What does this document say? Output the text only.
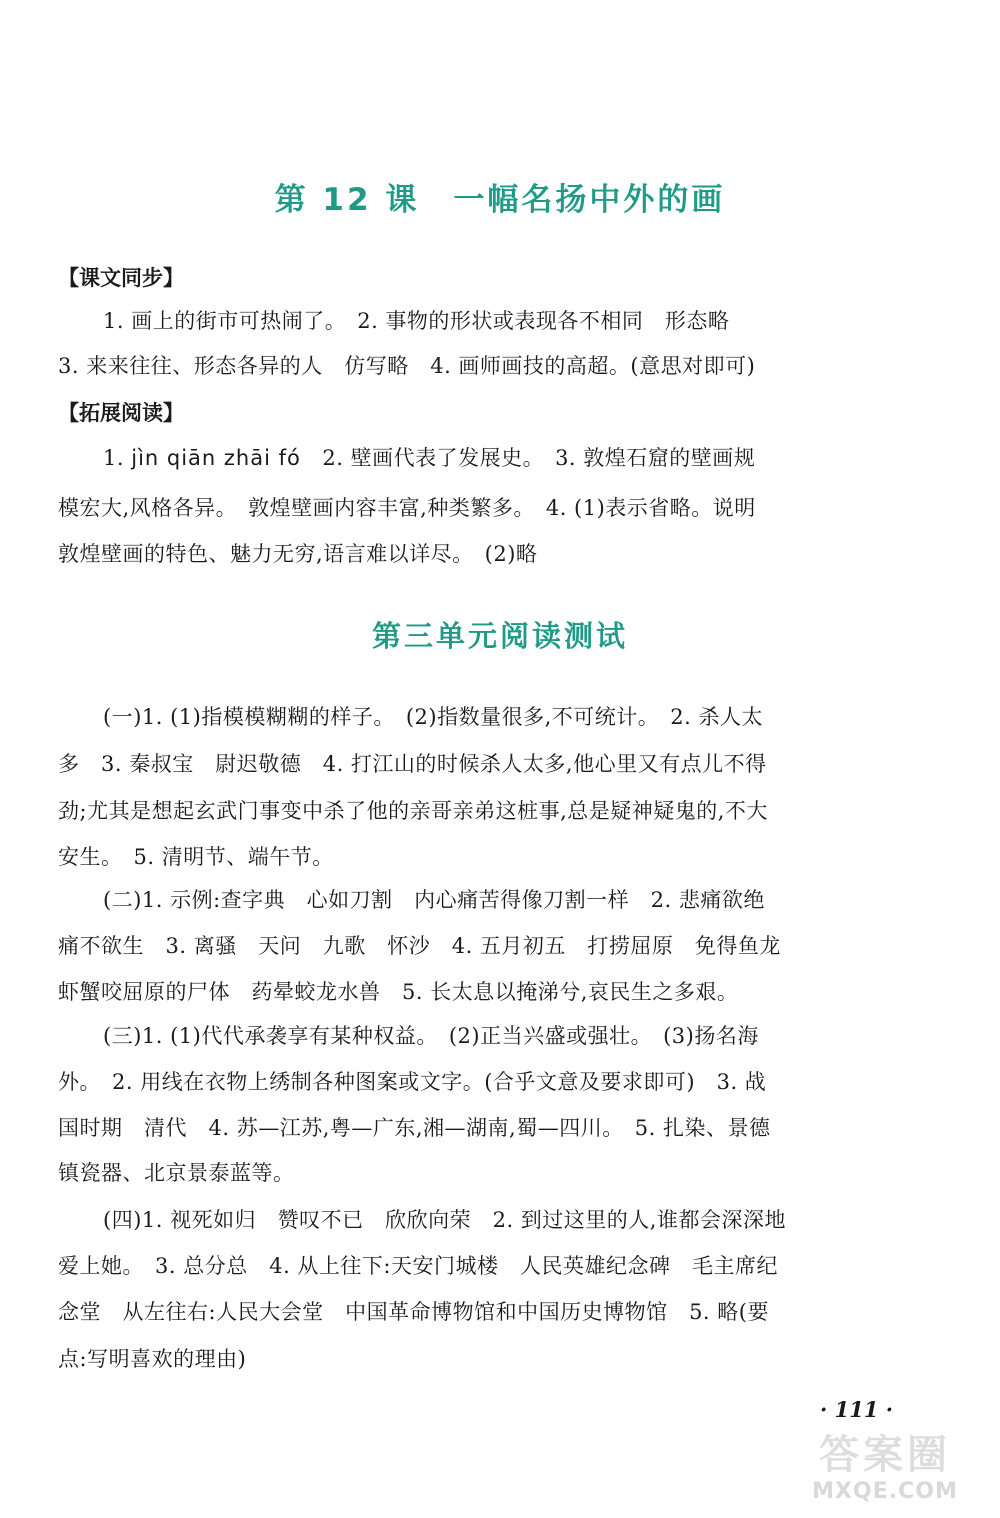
第 12 课　一幅名扬中外的画
【课文同步】
1. 画上的街市可热闹了。　2. 事物的形状或表现各不相同　形态略
3. 来来往往、形态各异的人　仿写略　4. 画师画技的高超。(意思对即可)
【拓展阅读】
1. jìn qiān zhāi fó　2. 壁画代表了发展史。　3. 敦煌石窟的壁画规
模宏大,风格各异。　敦煌壁画内容丰富,种类繁多。　4. (1)表示省略。说明
敦煌壁画的特色、魅力无穷,语言难以详尽。　(2)略
第三单元阅读测试
(一)1. (1)指模模糊糊的样子。　(2)指数量很多,不可统计。　2. 杀人太
多　3. 秦叔宝　尉迟敬德　4. 打江山的时候杀人太多,他心里又有点儿不得
劲;尤其是想起玄武门事变中杀了他的亲哥亲弟这桩事,总是疑神疑鬼的,不大
安生。　5. 清明节、端午节。
(二)1. 示例:查字典　心如刀割　内心痛苦得像刀割一样　2. 悲痛欲绝
痛不欲生　3. 离骚　天问　九歌　怀沙　4. 五月初五　打捞屈原　免得鱼龙
虾蟹咬屈原的尸体　药晕蛟龙水兽　5. 长太息以掩涕兮,哀民生之多艰。
(三)1. (1)代代承袭享有某种权益。　(2)正当兴盛或强壮。　(3)扬名海
外。　2. 用线在衣物上绣制各种图案或文字。(合乎文意及要求即可)　3. 战
国时期　清代　4. 苏—江苏,粤—广东,湘—湖南,蜀—四川。　5. 扎染、景德
镇瓷器、北京景泰蓝等。
(四)1. 视死如归　赞叹不已　欣欣向荣　2. 到过这里的人,谁都会深深地
爱上她。　3. 总分总　4. 从上往下:天安门城楼　人民英雄纪念碑　毛主席纪
念堂　从左往右:人民大会堂　中国革命博物馆和中国历史博物馆　5. 略(要
点:写明喜欢的理由)
· 111 ·
答案圈
MXQE.COM
